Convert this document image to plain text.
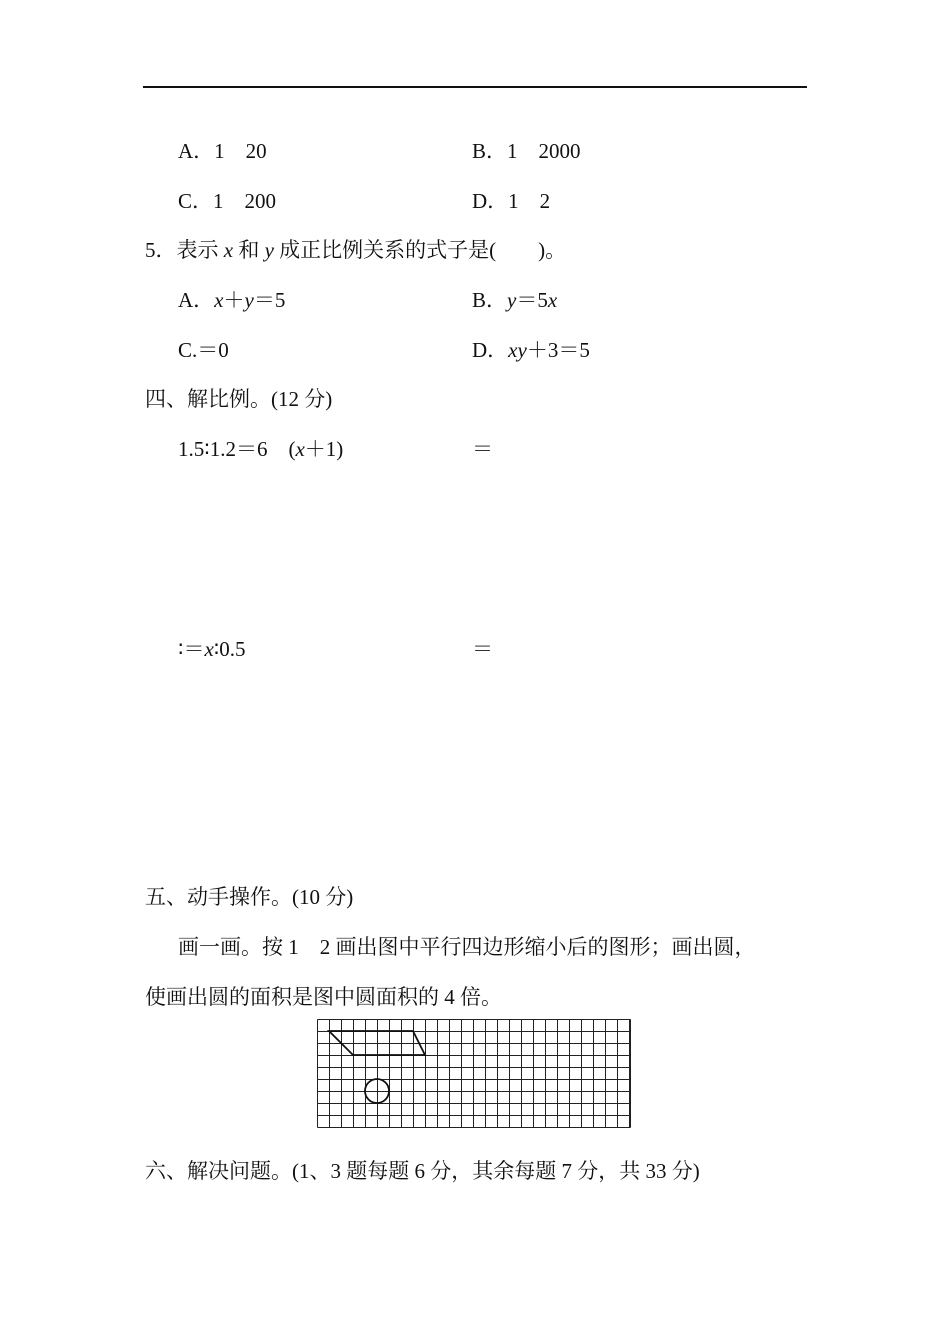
A．1　20	B．1　2000
C．1　200	D．1　2
5．表示 x 和 y 成正比例关系的式子是(　　)。
A．x＋y＝5	B．y＝5x
C.＝0	D．xy＋3＝5
四、解比例。(12 分)
1.5∶1.2＝6　(x＋1)	＝
∶＝x∶0.5	＝
五、动手操作。(10 分)
画一画。按 1　2 画出图中平行四边形缩小后的图形；画出圆，
使画出圆的面积是图中圆面积的 4 倍。
六、解决问题。(1、3 题每题 6 分，其余每题 7 分，共 33 分)
